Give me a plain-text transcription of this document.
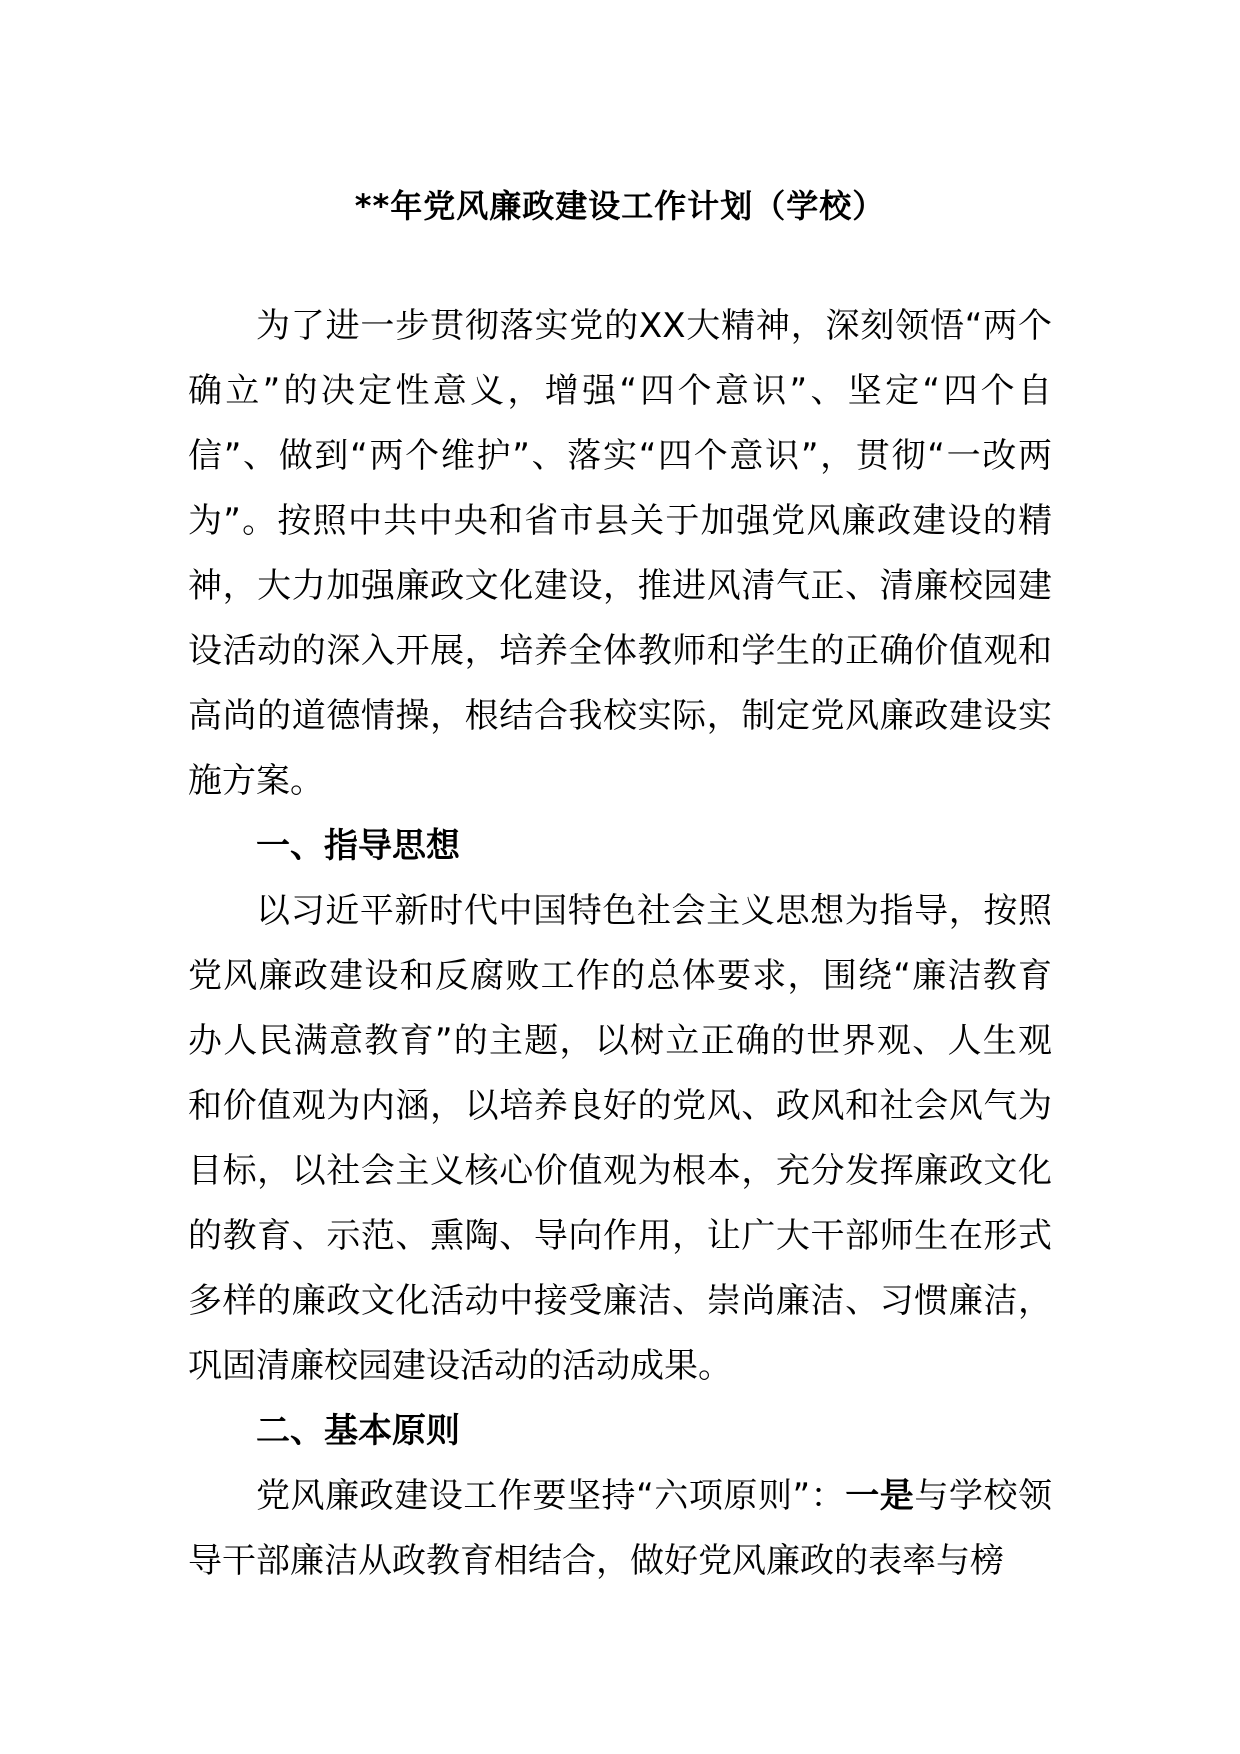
**年党风廉政建设工作计划（学校）

为了进一步贯彻落实党的XX大精神，深刻领悟“两个确立”的决定性意义，增强“四个意识”、坚定“四个自信”、做到“两个维护”、落实“四个意识”，贯彻“一改两为”。按照中共中央和省市县关于加强党风廉政建设的精神，大力加强廉政文化建设，推进风清气正、清廉校园建设活动的深入开展，培养全体教师和学生的正确价值观和高尚的道德情操，根结合我校实际，制定党风廉政建设实施方案。

一、指导思想

以习近平新时代中国特色社会主义思想为指导，按照党风廉政建设和反腐败工作的总体要求，围绕“廉洁教育办人民满意教育”的主题，以树立正确的世界观、人生观和价值观为内涵，以培养良好的党风、政风和社会风气为目标，以社会主义核心价值观为根本，充分发挥廉政文化的教育、示范、熏陶、导向作用，让广大干部师生在形式多样的廉政文化活动中接受廉洁、崇尚廉洁、习惯廉洁，巩固清廉校园建设活动的活动成果。

二、基本原则

党风廉政建设工作要坚持“六项原则”：一是与学校领导干部廉洁从政教育相结合，做好党风廉政的表率与榜
